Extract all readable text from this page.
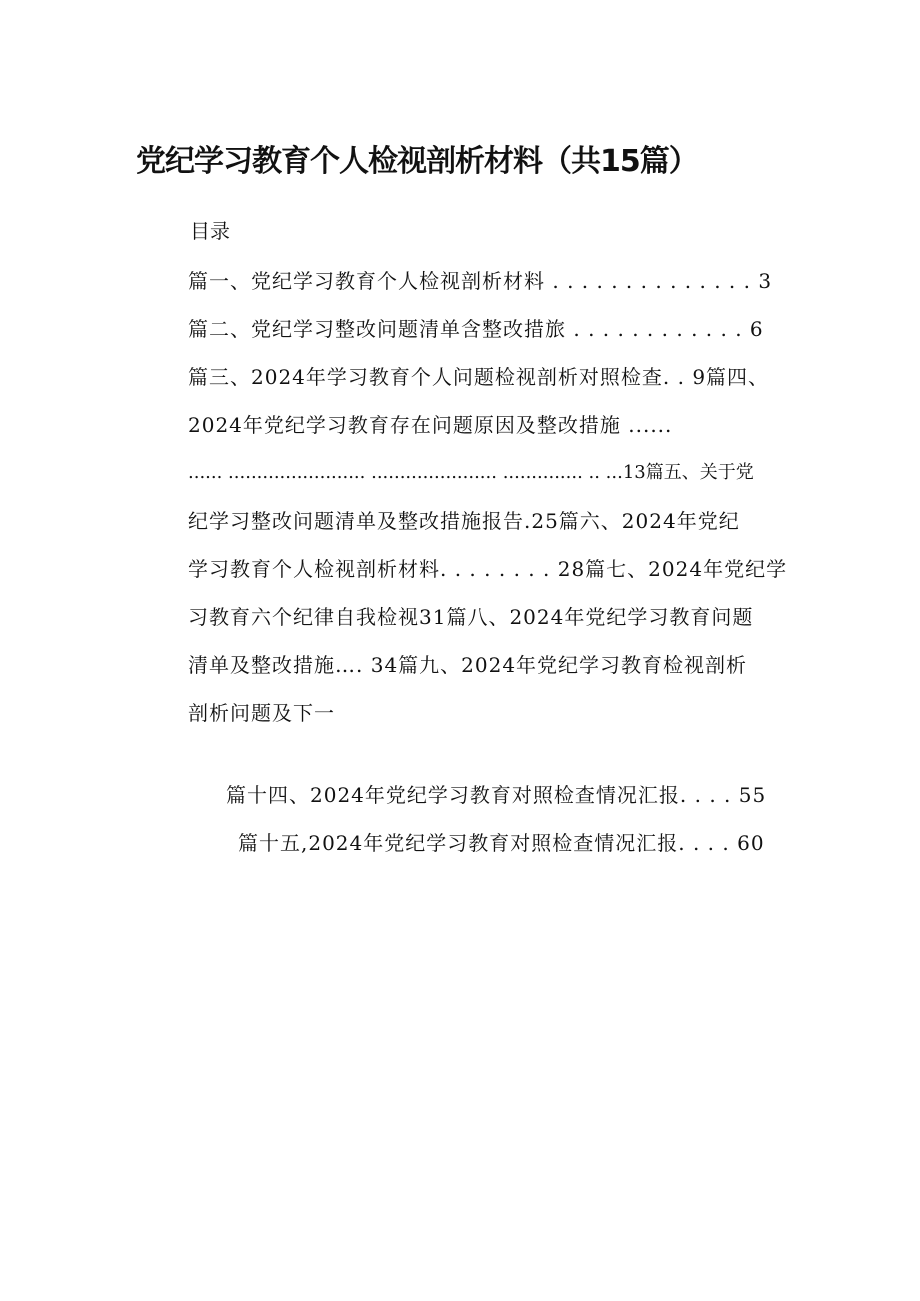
党纪学习教育个人检视剖析材料（共15篇）
目录
篇一、党纪学习教育个人检视剖析材料 . . . . . . . . . . . . . . 3
篇二、党纪学习整改问题清单含整改措旅 . . . . . . . . . . . . 6
篇三、2024年学习教育个人问题检视剖析对照检查. . 9篇四、
2024年党纪学习教育存在问题原因及整改措施 ......
...... ........................ ...................... .............. .. ...13篇五、关于党
纪学习整改问题清单及整改措施报告.25篇六、2024年党纪
学习教育个人检视剖析材料. . . . . . . . 28篇七、2024年党纪学
习教育六个纪律自我检视31篇八、2024年党纪学习教育问题
清单及整改措施…. 34篇九、2024年党纪学习教育检视剖析
剖析问题及下一
篇十四、2024年党纪学习教育对照检查情况汇报. . . . 55
篇十五,2024年党纪学习教育对照检查情况汇报. . . . 60
